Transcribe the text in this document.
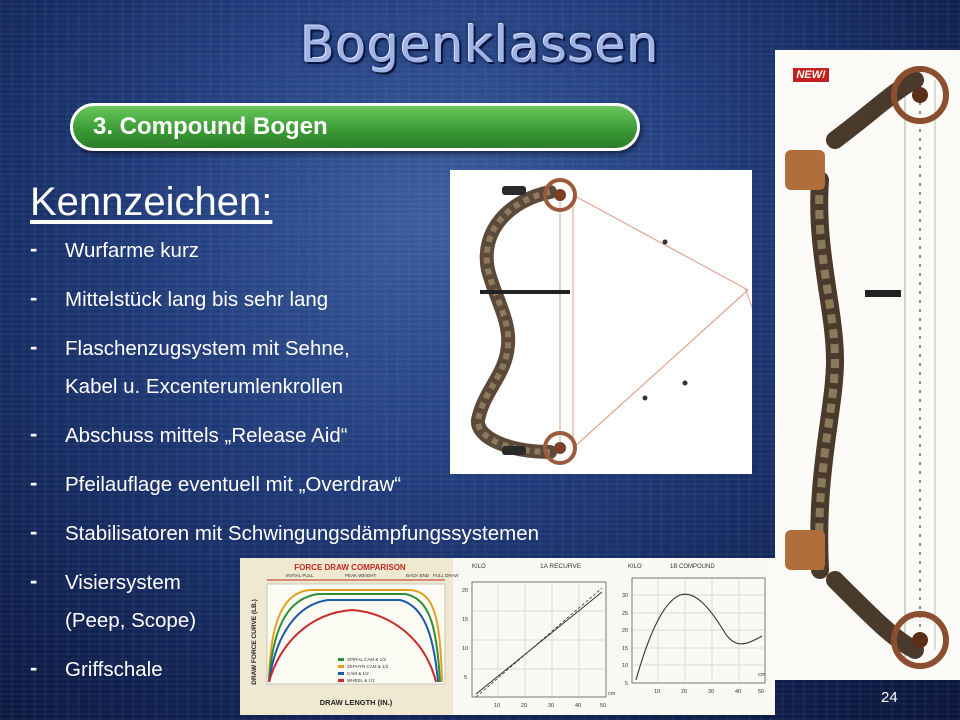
Bogenklassen
3. Compound Bogen
Kennzeichen:
- Wurfarme kurz
- Mittelstück lang bis sehr lang
- Flaschenzugsystem mit Sehne,
Kabel u. Excenterumlenkrollen
- Abschuss mittels „Release Aid“
- Pfeilauflage eventuell mit „Overdraw“
- Stabilisatoren mit Schwingungsdämpfungssystemen
- Visiersystem
(Peep, Scope)
- Griffschale
NEW!
FORCE DRAW COMPARISON
INITIAL PULL	PEAK WEIGHT	BACK END FULL DRAW
SPIRAL CAM & 1/2
ZEPHYR CAM & 1/2
CAM & 1/2
WHEEL & 1/2
DRAW FORCE CURVE (LB.)
DRAW LENGTH (IN.)
KILO	1A RECURVE
20
15
10
5
10	20	30	40	50
cm
KILO	1B COMPOUND
30
25
20
15
10
5
10	20	30	40	50
cm
24
